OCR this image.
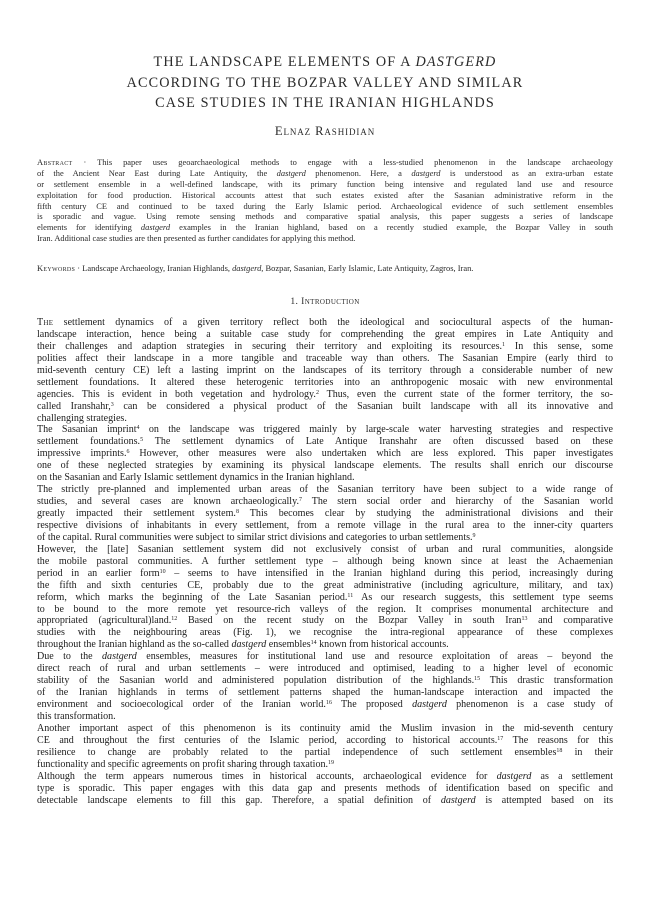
THE LANDSCAPE ELEMENTS OF A DASTGERD
ACCORDING TO THE BOZPAR VALLEY AND SIMILAR
CASE STUDIES IN THE IRANIAN HIGHLANDS
Elnaz Rashidian
Abstract · This paper uses geoarchaeological methods to engage with a less-studied phenomenon in the landscape archaeology
of the Ancient Near East during Late Antiquity, the dastgerd phenomenon. Here, a dastgerd is understood as an extra-urban estate
or settlement ensemble in a well-defined landscape, with its primary function being intensive and regulated land use and resource
exploitation for food production. Historical accounts attest that such estates existed after the Sasanian administrative reform in the
fifth century CE and continued to be taxed during the Early Islamic period. Archaeological evidence of such settlement ensembles
is sporadic and vague. Using remote sensing methods and comparative spatial analysis, this paper suggests a series of landscape
elements for identifying dastgerd examples in the Iranian highland, based on a recently studied example, the Bozpar Valley in south
Iran. Additional case studies are then presented as further candidates for applying this method.
Keywords · Landscape Archaeology, Iranian Highlands, dastgerd, Bozpar, Sasanian, Early Islamic, Late Antiquity, Zagros, Iran.
1. Introduction
The settlement dynamics of a given territory reflect both the ideological and sociocultural aspects of the human-
landscape interaction, hence being a suitable case study for comprehending the great empires in Late Antiquity and
their challenges and adaption strategies in securing their territory and exploiting its resources.$^1$ In this sense, some
polities affect their landscape in a more tangible and traceable way than others. The Sasanian Empire (early third to
mid-seventh century CE) left a lasting imprint on the landscapes of its territory through a considerable number of new
settlement foundations. It altered these heterogenic territories into an anthropogenic mosaic with new environmental
agencies. This is evident in both vegetation and hydrology.$^2$ Thus, even the current state of the former territory, the so-
called Iranshahr,$^3$ can be considered a physical product of the Sasanian built landscape with all its innovative and
challenging strategies.
The Sasanian imprint$^4$ on the landscape was triggered mainly by large-scale water harvesting strategies and respective
settlement foundations.$^5$ The settlement dynamics of Late Antique Iranshahr are often discussed based on these
impressive imprints.$^6$ However, other measures were also undertaken which are less explored. This paper investigates
one of these neglected strategies by examining its physical landscape elements. The results shall enrich our discourse
on the Sasanian and Early Islamic settlement dynamics in the Iranian highland.
The strictly pre-planned and implemented urban areas of the Sasanian territory have been subject to a wide range of
studies, and several cases are known archaeologically.$^7$ The stern social order and hierarchy of the Sasanian world
greatly impacted their settlement system.$^8$ This becomes clear by studying the administrational divisions and their
respective divisions of inhabitants in every settlement, from a remote village in the rural area to the inner-city quarters
of the capital. Rural communities were subject to similar strict divisions and categories to urban settlements.$^9$
However, the [late] Sasanian settlement system did not exclusively consist of urban and rural communities, alongside
the mobile pastoral communities. A further settlement type – although being known since at least the Achaemenian
period in an earlier form$^{10}$ – seems to have intensified in the Iranian highland during this period, increasingly during
the fifth and sixth centuries CE, probably due to the great administrative (including agriculture, military, and tax)
reform, which marks the beginning of the Late Sasanian period.$^{11}$ As our research suggests, this settlement type seems
to be bound to the more remote yet resource-rich valleys of the region. It comprises monumental architecture and
appropriated (agricultural)land.$^{12}$ Based on the recent study on the Bozpar Valley in south Iran$^{13}$ and comparative
studies with the neighbouring areas (Fig. 1), we recognise the intra-regional appearance of these complexes
throughout the Iranian highland as the so-called dastgerd ensembles$^{14}$ known from historical accounts.
Due to the dastgerd ensembles, measures for institutional land use and resource exploitation of areas – beyond the
direct reach of rural and urban settlements – were introduced and optimised, leading to a higher level of economic
stability of the Sasanian world and administered population distribution of the highlands.$^{15}$ This drastic transformation
of the Iranian highlands in terms of settlement patterns shaped the human-landscape interaction and impacted the
environment and socioecological order of the Iranian world.$^{16}$ The proposed dastgerd phenomenon is a case study of
this transformation.
Another important aspect of this phenomenon is its continuity amid the Muslim invasion in the mid-seventh century
CE and throughout the first centuries of the Islamic period, according to historical accounts.$^{17}$ The reasons for this
resilience to change are probably related to the partial independence of such settlement ensembles$^{18}$ in their
functionality and specific agreements on profit sharing through taxation.$^{19}$
Although the term appears numerous times in historical accounts, archaeological evidence for dastgerd as a settlement
type is sporadic. This paper engages with this data gap and presents methods of identification based on specific and
detectable landscape elements to fill this gap. Therefore, a spatial definition of dastgerd is attempted based on its
